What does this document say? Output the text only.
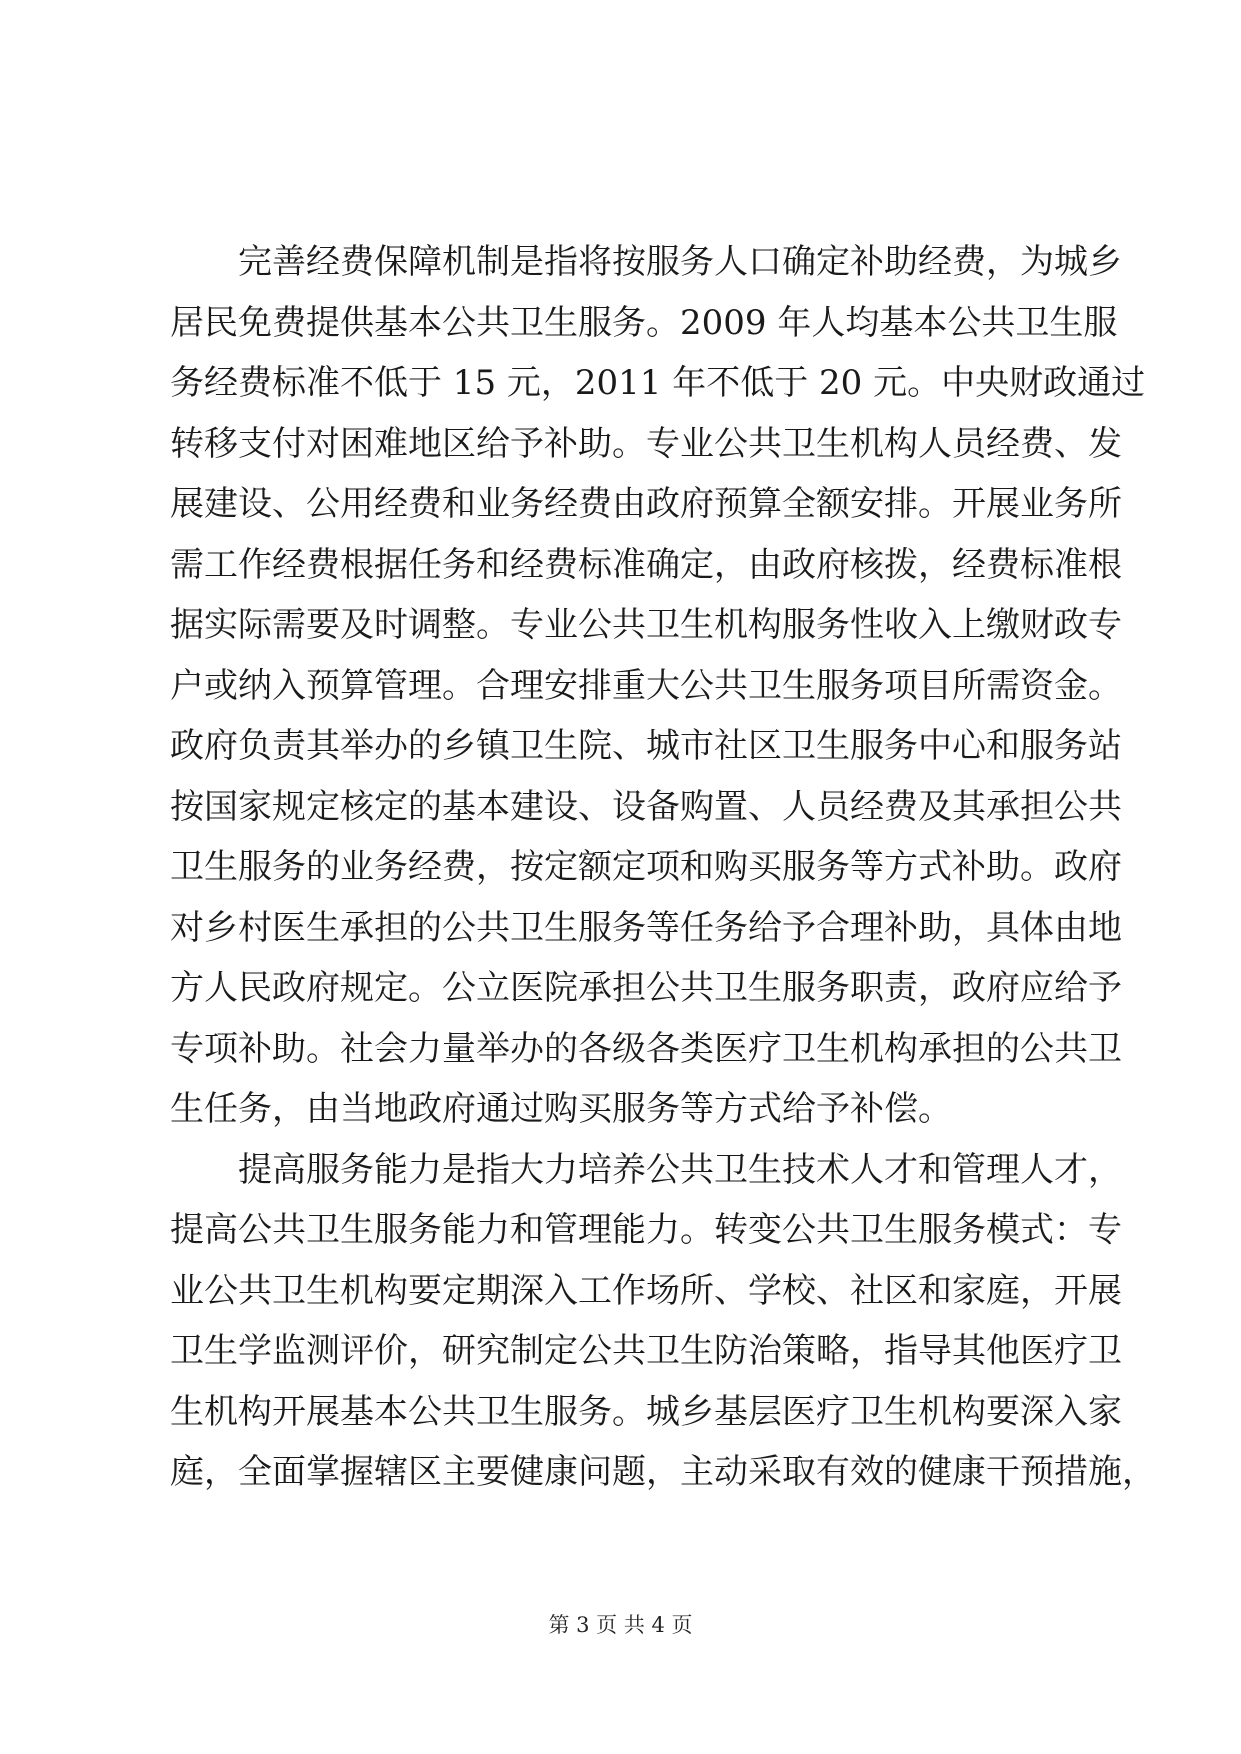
完善经费保障机制是指将按服务人口确定补助经费，为城乡
居民免费提供基本公共卫生服务。2009 年人均基本公共卫生服
务经费标准不低于 15 元，2011 年不低于 20 元。中央财政通过
转移支付对困难地区给予补助。专业公共卫生机构人员经费、发
展建设、公用经费和业务经费由政府预算全额安排。开展业务所
需工作经费根据任务和经费标准确定，由政府核拨，经费标准根
据实际需要及时调整。专业公共卫生机构服务性收入上缴财政专
户或纳入预算管理。合理安排重大公共卫生服务项目所需资金。
政府负责其举办的乡镇卫生院、城市社区卫生服务中心和服务站
按国家规定核定的基本建设、设备购置、人员经费及其承担公共
卫生服务的业务经费，按定额定项和购买服务等方式补助。政府
对乡村医生承担的公共卫生服务等任务给予合理补助，具体由地
方人民政府规定。公立医院承担公共卫生服务职责，政府应给予
专项补助。社会力量举办的各级各类医疗卫生机构承担的公共卫
生任务，由当地政府通过购买服务等方式给予补偿。
提高服务能力是指大力培养公共卫生技术人才和管理人才，
提高公共卫生服务能力和管理能力。转变公共卫生服务模式：专
业公共卫生机构要定期深入工作场所、学校、社区和家庭，开展
卫生学监测评价，研究制定公共卫生防治策略，指导其他医疗卫
生机构开展基本公共卫生服务。城乡基层医疗卫生机构要深入家
庭，全面掌握辖区主要健康问题，主动采取有效的健康干预措施，
第 3 页 共 4 页
